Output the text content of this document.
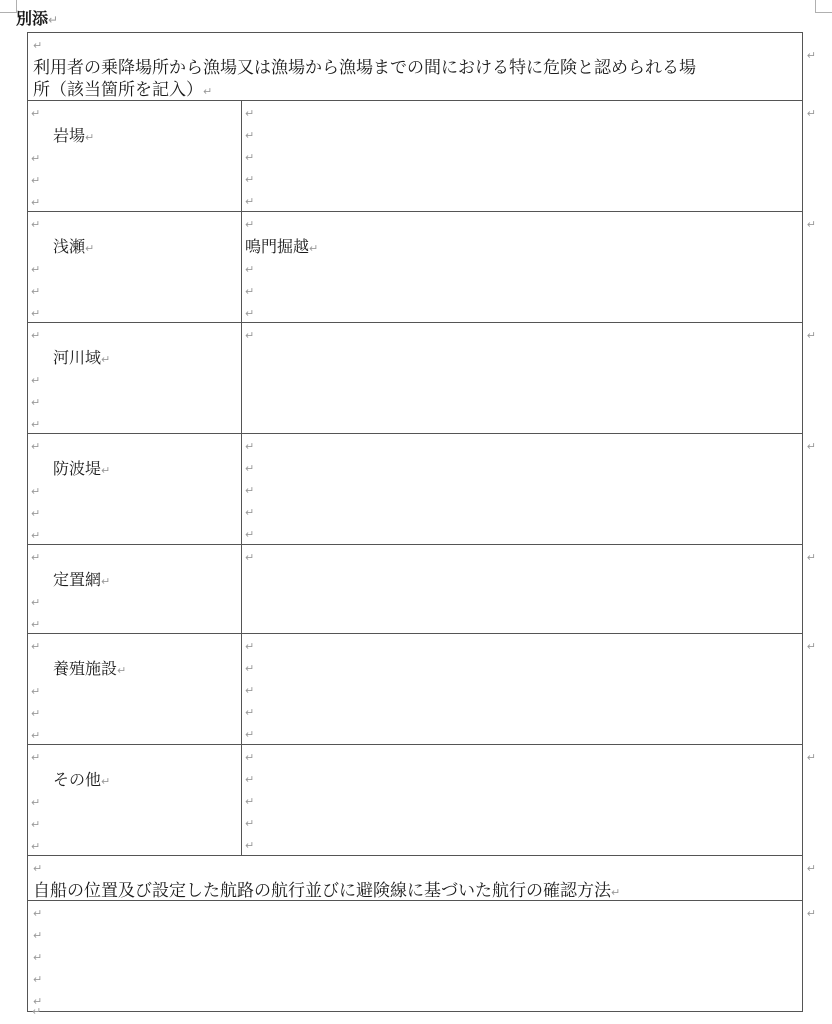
別添↵
↵
利用者の乗降場所から漁場又は漁場から漁場までの間における特に危険と認められる場
所（該当箇所を記入）↵
↵
↵
岩場↵
↵
↵
↵
↵
↵
↵
↵
↵
↵
↵
浅瀬↵
↵
↵
↵
↵
鳴門掘越↵
↵
↵
↵
↵
↵
河川域↵
↵
↵
↵
↵	↵
↵
防波堤↵
↵
↵
↵
↵
↵
↵
↵
↵
↵
↵
定置網↵
↵
↵
↵	↵
↵
養殖施設↵
↵
↵
↵
↵
↵
↵
↵
↵
↵
↵
その他↵
↵
↵
↵
↵
↵
↵
↵
↵
↵
↵
自船の位置及び設定した航路の航行並びに避険線に基づいた航行の確認方法↵
↵
↵
↵
↵
↵
↵
↵
↵
